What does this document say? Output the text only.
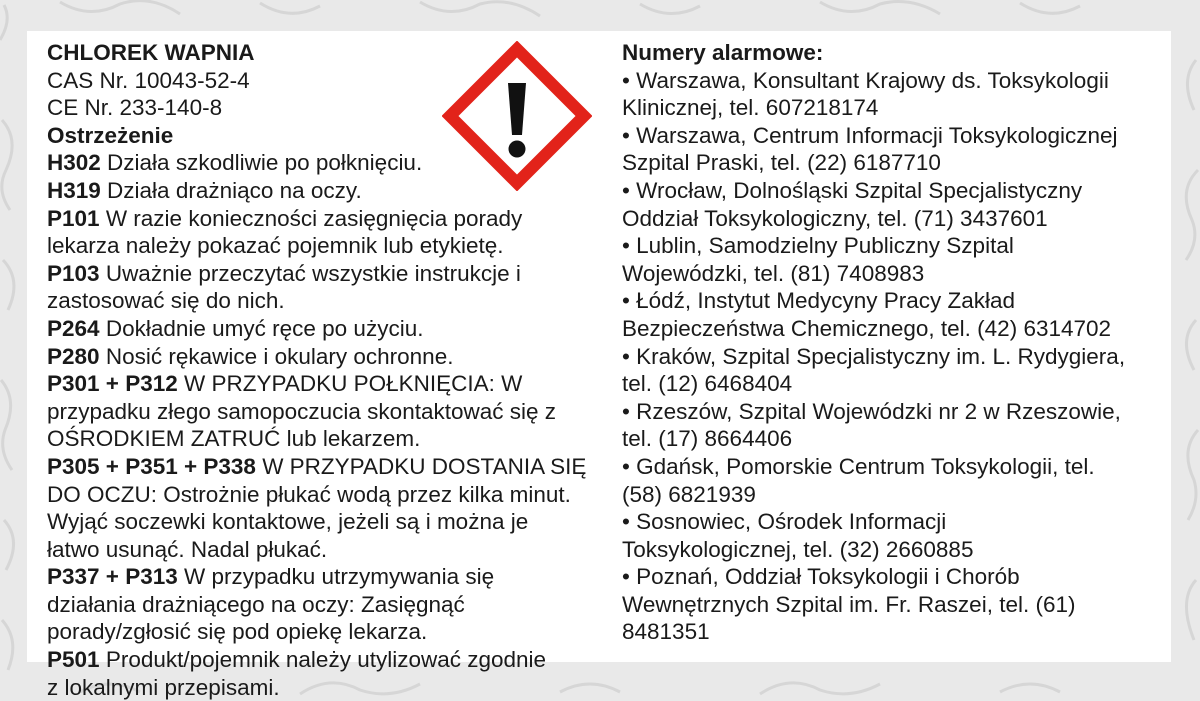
CHLOREK WAPNIA
CAS Nr. 10043-52-4
CE Nr. 233-140-8
Ostrzeżenie
H302 Działa szkodliwie po połknięciu.
H319 Działa drażniąco na oczy.
P101 W razie konieczności zasięgnięcia porady
lekarza należy pokazać pojemnik lub etykietę.
P103 Uważnie przeczytać wszystkie instrukcje i
zastosować się do nich.
P264 Dokładnie umyć ręce po użyciu.
P280 Nosić rękawice i okulary ochronne.
P301 + P312 W PRZYPADKU POŁKNIĘCIA: W
przypadku złego samopoczucia skontaktować się z
OŚRODKIEM ZATRUĆ lub lekarzem.
P305 + P351 + P338 W PRZYPADKU DOSTANIA SIĘ
DO OCZU: Ostrożnie płukać wodą przez kilka minut.
Wyjąć soczewki kontaktowe, jeżeli są i można je
łatwo usunąć. Nadal płukać.
P337 + P313 W przypadku utrzymywania się
działania drażniącego na oczy: Zasięgnąć
porady/zgłosić się pod opiekę lekarza.
P501 Produkt/pojemnik należy utylizować zgodnie
z lokalnymi przepisami.
Numery alarmowe:
• Warszawa, Konsultant Krajowy ds. Toksykologii
Klinicznej, tel. 607218174
• Warszawa, Centrum Informacji Toksykologicznej
Szpital Praski, tel. (22) 6187710
• Wrocław, Dolnośląski Szpital Specjalistyczny
Oddział Toksykologiczny, tel. (71) 3437601
• Lublin, Samodzielny Publiczny Szpital
Wojewódzki, tel. (81) 7408983
• Łódź, Instytut Medycyny Pracy Zakład
Bezpieczeństwa Chemicznego, tel. (42) 6314702
• Kraków, Szpital Specjalistyczny im. L. Rydygiera,
tel. (12) 6468404
• Rzeszów, Szpital Wojewódzki nr 2 w Rzeszowie,
tel. (17) 8664406
• Gdańsk, Pomorskie Centrum Toksykologii, tel.
(58) 6821939
• Sosnowiec, Ośrodek Informacji
Toksykologicznej, tel. (32) 2660885
• Poznań, Oddział Toksykologii i Chorób
Wewnętrznych Szpital im. Fr. Raszei, tel. (61)
8481351
